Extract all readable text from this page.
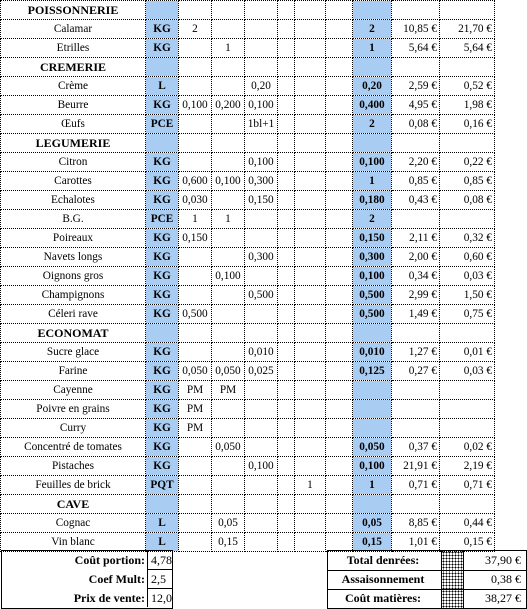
POISSONNERIE										
Calamar	KG	2						2	10,85 €	21,70 €
Etrilles	KG		1					1	5,64 €	5,64 €
CREMERIE										
Crème	L			0,20				0,20	2,59 €	0,52 €
Beurre	KG	0,100	0,200	0,100				0,400	4,95 €	1,98 €
Œufs	PCE			1bl+1				2	0,08 €	0,16 €
LEGUMERIE										
Citron	KG			0,100				0,100	2,20 €	0,22 €
Carottes	KG	0,600	0,100	0,300				1	0,85 €	0,85 €
Echalotes	KG	0,030		0,150				0,180	0,43 €	0,08 €
B.G.	PCE	1	1					2		
Poireaux	KG	0,150						0,150	2,11 €	0,32 €
Navets longs	KG			0,300				0,300	2,00 €	0,60 €
Oignons gros	KG		0,100					0,100	0,34 €	0,03 €
Champignons	KG			0,500				0,500	2,99 €	1,50 €
Céleri rave	KG	0,500						0,500	1,49 €	0,75 €
ECONOMAT										
Sucre glace	KG			0,010				0,010	1,27 €	0,01 €
Farine	KG	0,050	0,050	0,025				0,125	0,27 €	0,03 €
Cayenne	KG	PM	PM							
Poivre en grains	KG	PM								
Curry	KG	PM								
Concentré de tomates	KG		0,050					0,050	0,37 €	0,02 €
Pistaches	KG			0,100				0,100	21,91 €	2,19 €
Feuilles de brick	PQT					1		1	0,71 €	0,71 €
CAVE										
Cognac	L		0,05					0,05	8,85 €	0,44 €
Vin blanc	L		0,15					0,15	1,01 €	0,15 €
Coût portion: 4,78
Coef Mult: 2,5
Prix de vente: 12,0
Total denrées:	37,90 €
Assaisonnement	0,38 €
Coût matières:	38,27 €
